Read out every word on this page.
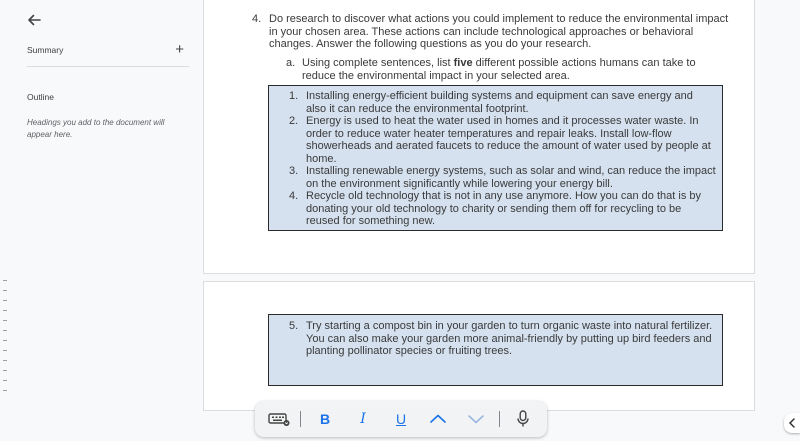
Summary	+
Outline
Headings you add to the document will appear here.
4. Do research to discover what actions you could implement to reduce the environmental impact in your chosen area. These actions can include technological approaches or behavioral changes. Answer the following questions as you do your research.
a. Using complete sentences, list five different possible actions humans can take to reduce the environmental impact in your selected area.
1. Installing energy-efficient building systems and equipment can save energy and also it can reduce the environmental footprint.
2. Energy is used to heat the water used in homes and it processes water waste. In order to reduce water heater temperatures and repair leaks. Install low-flow showerheads and aerated faucets to reduce the amount of water used by people at home.
3. Installing renewable energy systems, such as solar and wind, can reduce the impact on the environment significantly while lowering your energy bill.
4. Recycle old technology that is not in any use anymore. How you can do that is by donating your old technology to charity or sending them off for recycling to be reused for something new.
5. Try starting a compost bin in your garden to turn organic waste into natural fertilizer. You can also make your garden more animal-friendly by putting up bird feeders and planting pollinator species or fruiting trees.
B	I	U
